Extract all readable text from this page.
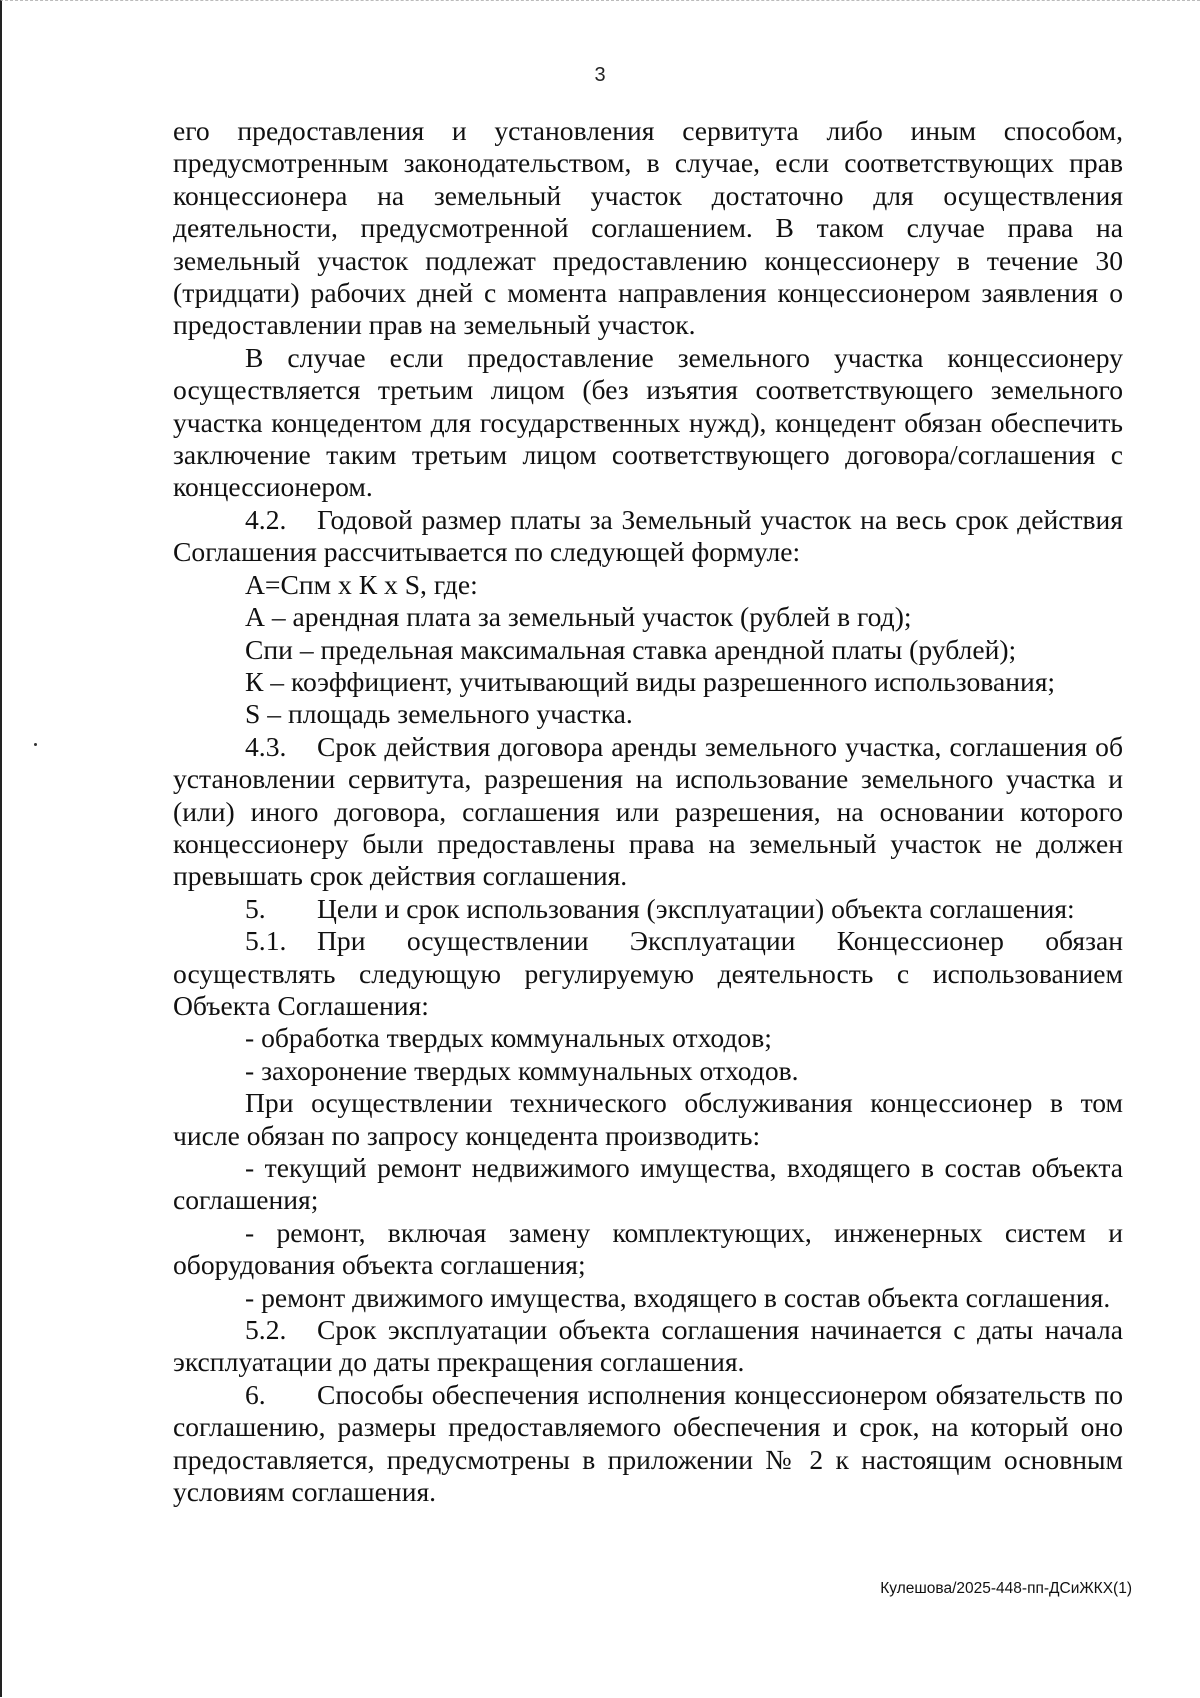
3

его предоставления и установления сервитута либо иным способом, предусмотренным законодательством, в случае, если соответствующих прав концессионера на земельный участок достаточно для осуществления деятельности, предусмотренной соглашением. В таком случае права на земельный участок подлежат предоставлению концессионеру в течение 30 (тридцати) рабочих дней с момента направления концессионером заявления о предоставлении прав на земельный участок.

В случае если предоставление земельного участка концессионеру осуществляется третьим лицом (без изъятия соответствующего земельного участка концедентом для государственных нужд), концедент обязан обеспечить заключение таким третьим лицом соответствующего договора/соглашения с концессионером.

4.2. Годовой размер платы за Земельный участок на весь срок действия Соглашения рассчитывается по следующей формуле:

А=Спм х К х S, где:

А – арендная плата за земельный участок (рублей в год);

Спи – предельная максимальная ставка арендной платы (рублей);

К – коэффициент, учитывающий виды разрешенного использования;

S – площадь земельного участка.

4.3. Срок действия договора аренды земельного участка, соглашения об установлении сервитута, разрешения на использование земельного участка и (или) иного договора, соглашения или разрешения, на основании которого концессионеру были предоставлены права на земельный участок не должен превышать срок действия соглашения.

5. Цели и срок использования (эксплуатации) объекта соглашения:

5.1. При осуществлении Эксплуатации Концессионер обязан осуществлять следующую регулируемую деятельность с использованием Объекта Соглашения:

- обработка твердых коммунальных отходов;

- захоронение твердых коммунальных отходов.

При осуществлении технического обслуживания концессионер в том числе обязан по запросу концедента производить:

- текущий ремонт недвижимого имущества, входящего в состав объекта соглашения;

- ремонт, включая замену комплектующих, инженерных систем и оборудования объекта соглашения;

- ремонт движимого имущества, входящего в состав объекта соглашения.

5.2. Срок эксплуатации объекта соглашения начинается с даты начала эксплуатации до даты прекращения соглашения.

6. Способы обеспечения исполнения концессионером обязательств по соглашению, размеры предоставляемого обеспечения и срок, на который оно предоставляется, предусмотрены в приложении № 2 к настоящим основным условиям соглашения.

Кулешова/2025-448-пп-ДСиЖКХ(1)
